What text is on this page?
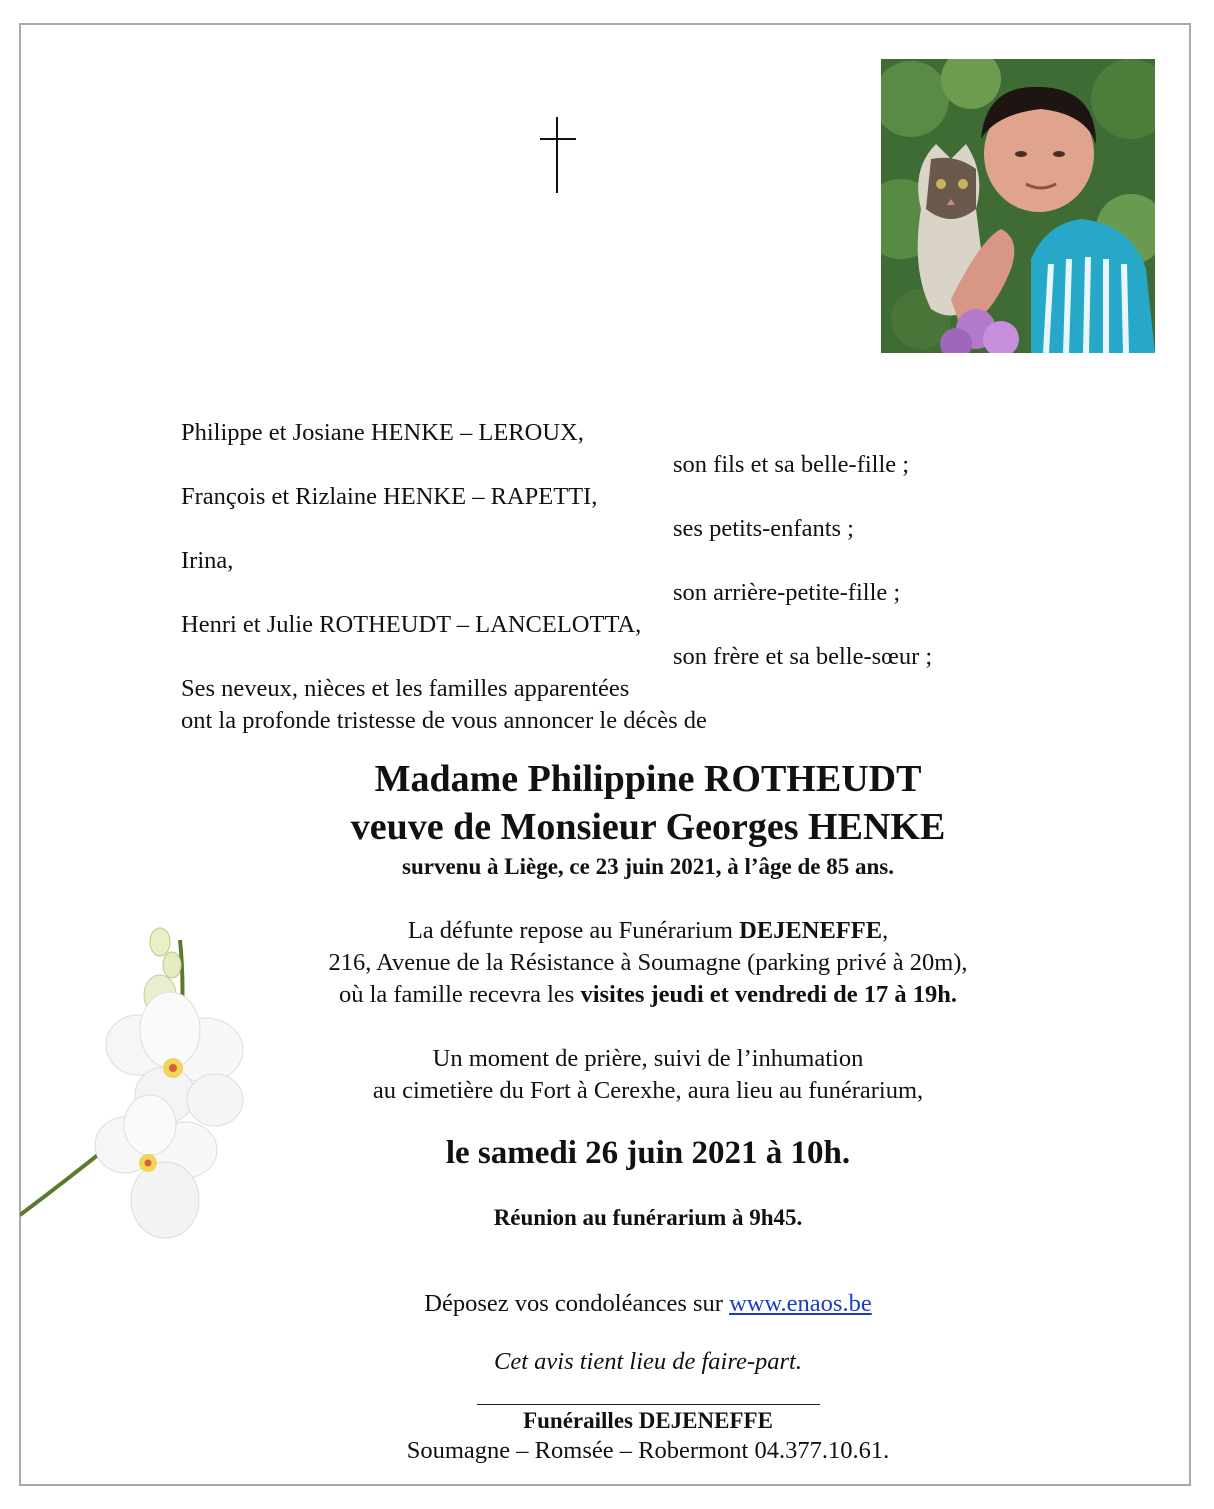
Philippe et Josiane HENKE – LEROUX,
son fils et sa belle-fille ;
François et Rizlaine HENKE – RAPETTI,
ses petits-enfants ;
Irina,
son arrière-petite-fille ;
Henri et Julie ROTHEUDT – LANCELOTTA,
son frère et sa belle-sœur ;
Ses neveux, nièces et les familles apparentées
ont la profonde tristesse de vous annoncer le décès de
Madame Philippine ROTHEUDT
veuve de Monsieur Georges HENKE
survenu à Liège, ce 23 juin 2021, à l’âge de 85 ans.
La défunte repose au Funérarium DEJENEFFE,
216, Avenue de la Résistance à Soumagne (parking privé à 20m),
où la famille recevra les visites jeudi et vendredi de 17 à 19h.
Un moment de prière, suivi de l’inhumation
au cimetière du Fort à Cerexhe, aura lieu au funérarium,
le samedi 26 juin 2021 à 10h.
Réunion au funérarium à 9h45.
Déposez vos condoléances sur www.enaos.be
Cet avis tient lieu de faire-part.
Funérailles DEJENEFFE
Soumagne – Romsée – Robermont 04.377.10.61.
